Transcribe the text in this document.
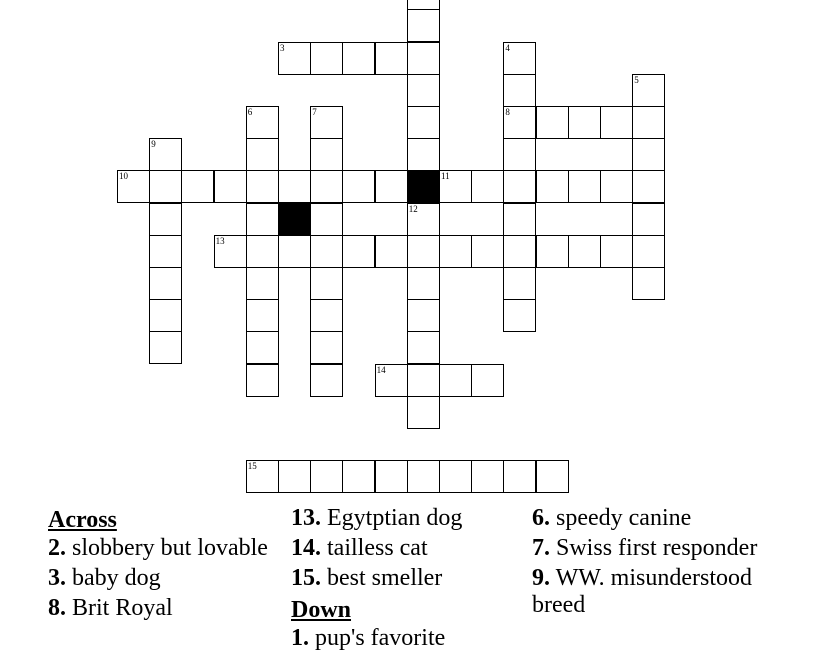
12
3	4
8
5
6	7
9
10	11
13
14
15
Across
2. slobbery but lovable
3. baby dog
8. Brit Royal
13. Egytptian dog
14. tailless cat
15. best smeller
Down
1. pup's favorite
6. speedy canine
7. Swiss first responder
9. WW. misunderstood breed
